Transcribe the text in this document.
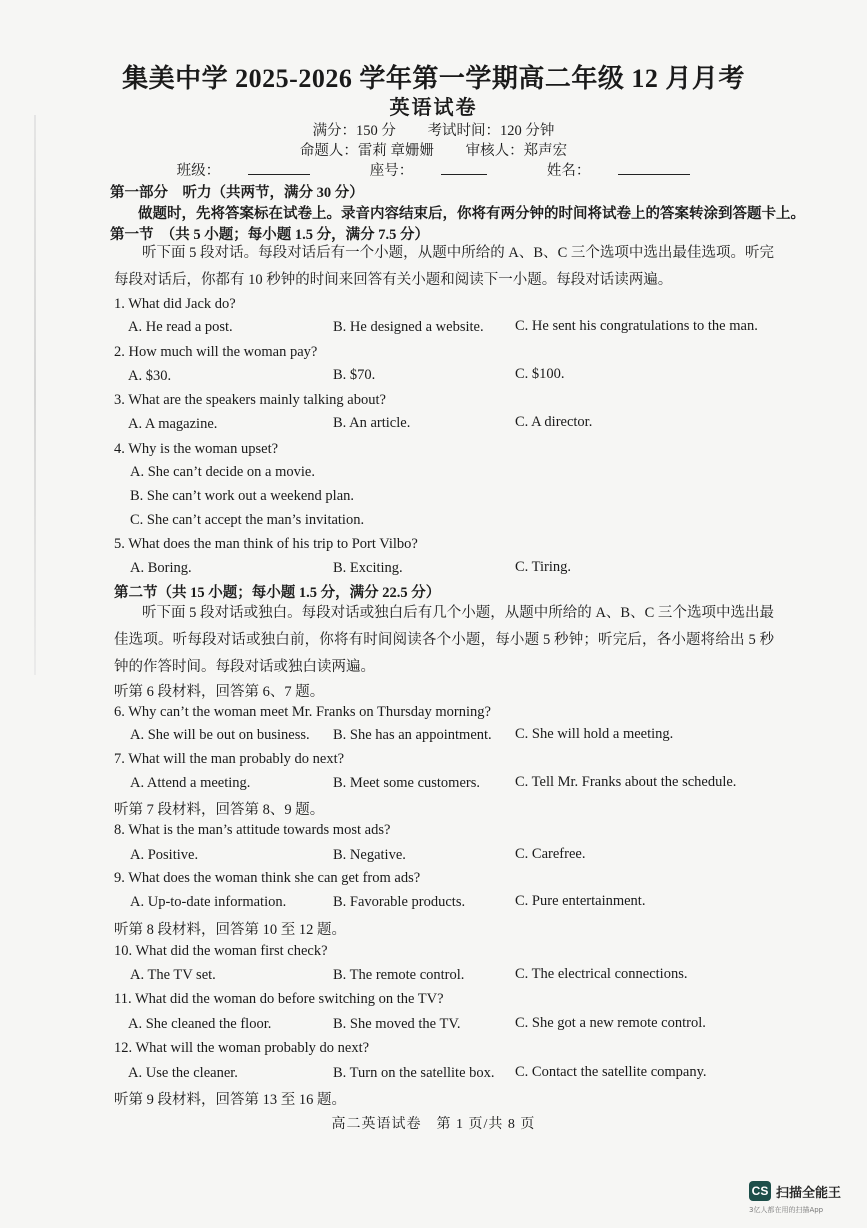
集美中学 2025-2026 学年第一学期高二年级 12 月月考
英语试卷
满分：150 分 考试时间：120 分钟
命题人：雷莉 章姗姗 审核人：郑声宏
班级：	座号：	姓名：
第一部分　听力（共两节，满分 30 分）
做题时，先将答案标在试卷上。录音内容结束后，你将有两分钟的时间将试卷上的答案转涂到答题卡上。
第一节　（共 5 小题；每小题 1.5 分，满分 7.5 分）
听下面 5 段对话。每段对话后有一个小题，从题中所给的 A、B、C 三个选项中选出最佳选项。听完每段对话后，你都有 10 秒钟的时间来回答有关小题和阅读下一小题。每段对话读两遍。
1. What did Jack do?
A. He read a post.	B. He designed a website. C. He sent his congratulations to the man.
2. How much will the woman pay?
A. $30.	B. $70.	C. $100.
3. What are the speakers mainly talking about?
A. A magazine.	B. An article.	C. A director.
4. Why is the woman upset?
A. She can’t decide on a movie.
B. She can’t work out a weekend plan.
C. She can’t accept the man’s invitation.
5. What does the man think of his trip to Port Vilbo?
A. Boring.	B. Exciting.	C. Tiring.
第二节（共 15 小题；每小题 1.5 分，满分 22.5 分）
听下面 5 段对话或独白。每段对话或独白后有几个小题，从题中所给的 A、B、C 三个选项中选出最佳选项。听每段对话或独白前，你将有时间阅读各个小题，每小题 5 秒钟；听完后，各小题将给出 5 秒钟的作答时间。每段对话或独白读两遍。
听第 6 段材料，回答第 6、7 题。
6. Why can’t the woman meet Mr. Franks on Thursday morning?
A. She will be out on business. B. She has an appointment. C. She will hold a meeting.
7. What will the man probably do next?
A. Attend a meeting.	B. Meet some customers. C. Tell Mr. Franks about the schedule.
听第 7 段材料，回答第 8、9 题。
8. What is the man’s attitude towards most ads?
A. Positive.	B. Negative.	C. Carefree.
9. What does the woman think she can get from ads?
A. Up-to-date information.	B. Favorable products.	C. Pure entertainment.
听第 8 段材料，回答第 10 至 12 题。
10. What did the woman first check?
A. The TV set.	B. The remote control.	C. The electrical connections.
11. What did the woman do before switching on the TV?
A. She cleaned the floor.	B. She moved the TV.	C. She got a new remote control.
12. What will the woman probably do next?
A. Use the cleaner.	B. Turn on the satellite box. C. Contact the satellite company.
听第 9 段材料，回答第 13 至 16 题。
高二英语试卷　第 1 页/共 8 页
CS 扫描全能王
3亿人都在用的扫描App
